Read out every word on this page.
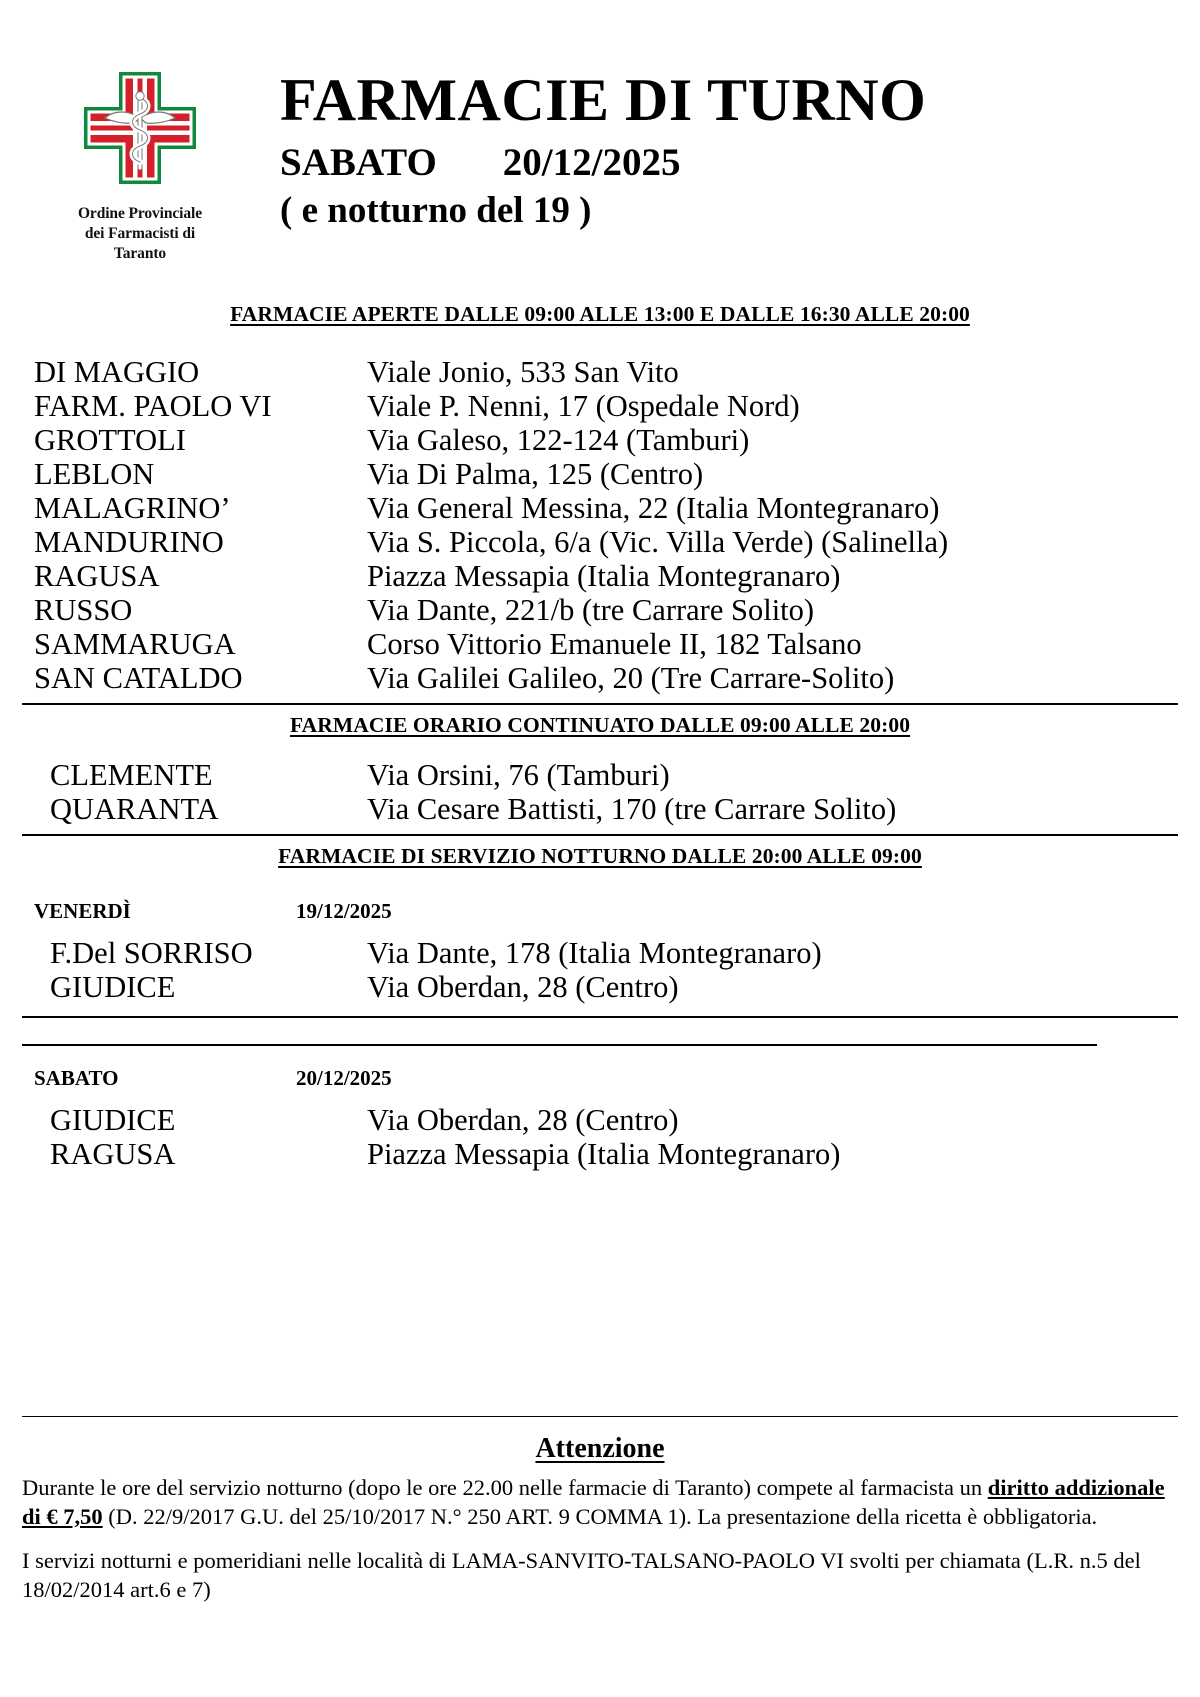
Ordine Provinciale
dei Farmacisti di
Taranto
FARMACIE DI TURNO
SABATO 20/12/2025
( e notturno del 19 )
FARMACIE APERTE DALLE 09:00 ALLE 13:00 E DALLE 16:30 ALLE 20:00
DI MAGGIO	Viale Jonio, 533 San Vito
FARM. PAOLO VI	Viale P. Nenni, 17 (Ospedale Nord)
GROTTOLI	Via Galeso, 122-124 (Tamburi)
LEBLON	Via Di Palma, 125 (Centro)
MALAGRINO’	Via General Messina, 22 (Italia Montegranaro)
MANDURINO	Via S. Piccola, 6/a (Vic. Villa Verde) (Salinella)
RAGUSA	Piazza Messapia (Italia Montegranaro)
RUSSO	Via Dante, 221/b (tre Carrare Solito)
SAMMARUGA	Corso Vittorio Emanuele II, 182 Talsano
SAN CATALDO	Via Galilei Galileo, 20 (Tre Carrare-Solito)
FARMACIE ORARIO CONTINUATO DALLE 09:00 ALLE 20:00
CLEMENTE	Via Orsini, 76 (Tamburi)
QUARANTA	Via Cesare Battisti, 170 (tre Carrare Solito)
FARMACIE DI SERVIZIO NOTTURNO DALLE 20:00 ALLE 09:00
VENERDÌ	19/12/2025
F.Del SORRISO	Via Dante, 178 (Italia Montegranaro)
GIUDICE	Via Oberdan, 28 (Centro)
SABATO	20/12/2025
GIUDICE	Via Oberdan, 28 (Centro)
RAGUSA	Piazza Messapia (Italia Montegranaro)
Attenzione

Durante le ore del servizio notturno (dopo le ore 22.00 nelle farmacie di Taranto) compete al farmacista un diritto addizionale di € 7,50 (D. 22/9/2017 G.U. del 25/10/2017 N.° 250 ART. 9 COMMA 1). La presentazione della ricetta è obbligatoria.

I servizi notturni e pomeridiani nelle località di LAMA-SANVITO-TALSANO-PAOLO VI svolti per chiamata (L.R. n.5 del 18/02/2014 art.6 e 7)
